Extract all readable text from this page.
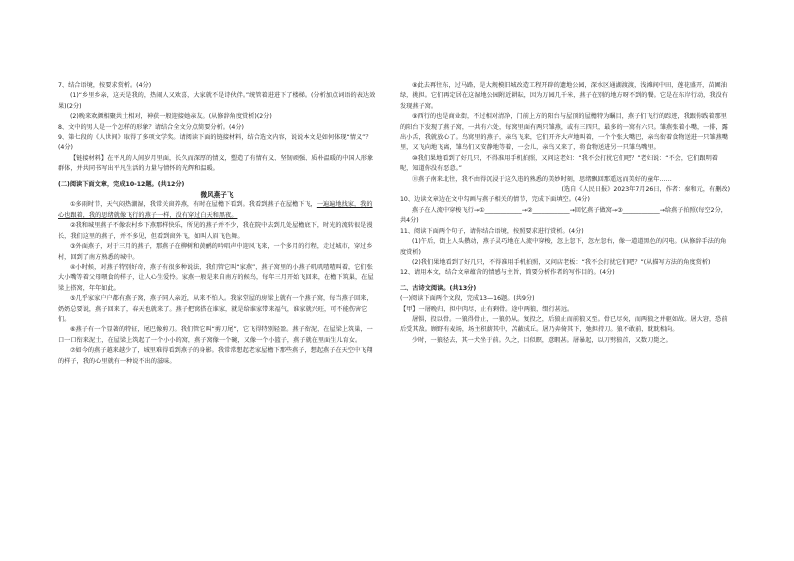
7、结合语境，按要求赏析。(4分)

(1)“乡里乡亲，这天是我的，热闹人又欢喜，大家就不是诗伙伴。”统管着进进下了楼梯。(分析加点词语的表达效果)(2分)

(2)晚来欢颜相聚共土相对，神获一般迎接她亲友。(从修辞角度赏析)(2分)

8、文中的男人是一个怎样的形象？请结合全文分点简要分析。(4分)

9、第七段的《人世间》取得了多项文学奖。请阅读下面的链接材料，结合选文内容，说说本文是如何体现“情义”？(4分)

【链接材料】在平凡的人间岁月里面，长久而深厚的情义，塑造了有情有义、坚韧顽强、质朴温暖的中国人形象群体，并共同书写出平凡生活的力量与情怀的光辉和温暖。

(二)阅读下面文章，完成10-12题。(共12分)

微风燕子飞

①多雨时节，天气闷热潮湿，我常关窗养燕，有时在屋檐下看到。我看到燕子在屋檐下飞，一遍遍地找家，我的心也跟着，我的思绪就像飞行的燕子一样，没有穿过白天和黑夜。

②我和城里燕子不像农村乡下燕那样快乐，所见的燕子并不少，我在院中去到几处屋檐底下，时光的流转很是漫长，我们这里的燕子，并不多见，但看到窗外飞，如叫人眉飞色舞。

③外面燕子，对于三月的燕子，那燕子在柳树和黄鹂的吟唱声中迎风飞来，一个多月的行程，走过城市，穿过乡村，回到了南方熟悉的城中。

④小时候，对燕子特别好奇，燕子有很多种说法，我们管它叫“家燕”，燕子窝里的小燕子叽叽喳喳叫着，它们张大小嘴等着父母喂食的样子，让人心生爱怜。家燕一般是来自南方的候鸟，每年三月开始飞回来，在檐下筑巢，在屋梁上搭窝，年年如此。

⑤几乎家家户户都有燕子窝，燕子同人亲近，从来不怕人。我家堂屋的房梁上就有一个燕子窝，每当燕子回来，奶奶总要说，燕子回来了，春天也就来了。燕子把窝搭在谁家，就是给谁家带来福气，谁家就兴旺，可不能伤害它们。

⑥燕子有一个显著的特征，尾巴像剪刀。我们管它叫“剪刀尾”，它飞得特别轻盈。燕子衔泥，在屋梁上筑巢，一口一口衔来泥土，在屋梁上筑起了一个小小的窝，燕子窝像一个碗，又像一个小篮子，燕子就在里面生儿育女。

⑦如今的燕子越来越少了，城里难得看到燕子的身影。我常常想起老家屋檐下那些燕子，想起燕子在天空中飞翔的样子，我的心里就有一种说不出的滋味。

⑧此去再往东，过马路，是大规模旧城改造工程开辟的遗地公园，深水区通湖渡渡，浅滩间中田，莲花盛开，苗圃油绿，挑担。它们再定居在这湿地公园附近耕耘，因为万园几千米，燕子在别的地方呀不到的餐。它是在东岸行动，我没有发现燕子窝。

⑨西行的也是商业街，不过相对清净，门前上方的阳台与屋顶的屋檐特为瞩目，燕子们飞行的踪迹，我跟你践着那里的阳台下发现了燕子窝，一共有六处，每窝里面有两只雏燕，或有三四只，最多的一窝有六只。雏燕张着小嘴，一排，露出小舌，我就放心了。鸟窝里的燕子，亲鸟飞来，它们开齐大声地叫着，一个个张大嘴巴，亲鸟衔着食物送进一只雏燕嘴里，又飞向地飞离，雏鸟们又安静地等着，一会儿，亲鸟又来了，将食物送进另一只雏鸟嘴里。

⑩我们果地看到了好几只，不得准用手机拍照，又问这老妇：“我不会打扰它们吧？”老妇说：“不会，它们跟明着呢，知道你没有恶意。”

⑪燕子南来北往，我不由得沉浸于这久违的熟悉的美妙时刻，思绪飘回那遥远而美好的童年……

(选自《人民日报》2023年7月26日，作者：秦和元，有删改)

10、边读文章边在文中勾画与燕子相关的情节，完成下面填空。(4分)

燕子在人流中穿梭飞行→①____________→②____________→回忆燕子做窝→③____________→给燕子拍照(每空2分，共4分)

11、阅读下面两个句子，请你结合语境，按照要求进行赏析。(4分)

(1)午后，街上人头攒动，燕子灵巧地在人流中穿梭，忽上忽下，忽左忽右，像一道道黑色的闪电。(从修辞手法的角度赏析)

(2)我们果地看到了好几只，不得准用手机拍照，又问店老板：“我不会打扰它们吧？”(从描写方法的角度赏析)

12、请用本文，结合文章蕴含的情感与主旨，简要分析作者的写作目的。(4分)

二、古诗文阅读。(共13分)

(一)阅读下面两个文段，完成13—16题。(共9分)

【甲】一屠晚归，担中肉尽，止有剩骨。途中两狼，缀行甚远。

屠惧，投以骨。一狼得骨止，一狼仍从。复投之，后狼止而前狼又至。骨已尽矣，而两狼之并驱如故。屠大窘，恐前后受其敌。顾野有麦场，场主积薪其中，苫蔽成丘。屠乃奔倚其下，弛担持刀。狼不敢前，眈眈相向。

少时，一狼径去，其一犬坐于前。久之，目似瞑，意暇甚。屠暴起，以刀劈狼首，又数刀毙之。
